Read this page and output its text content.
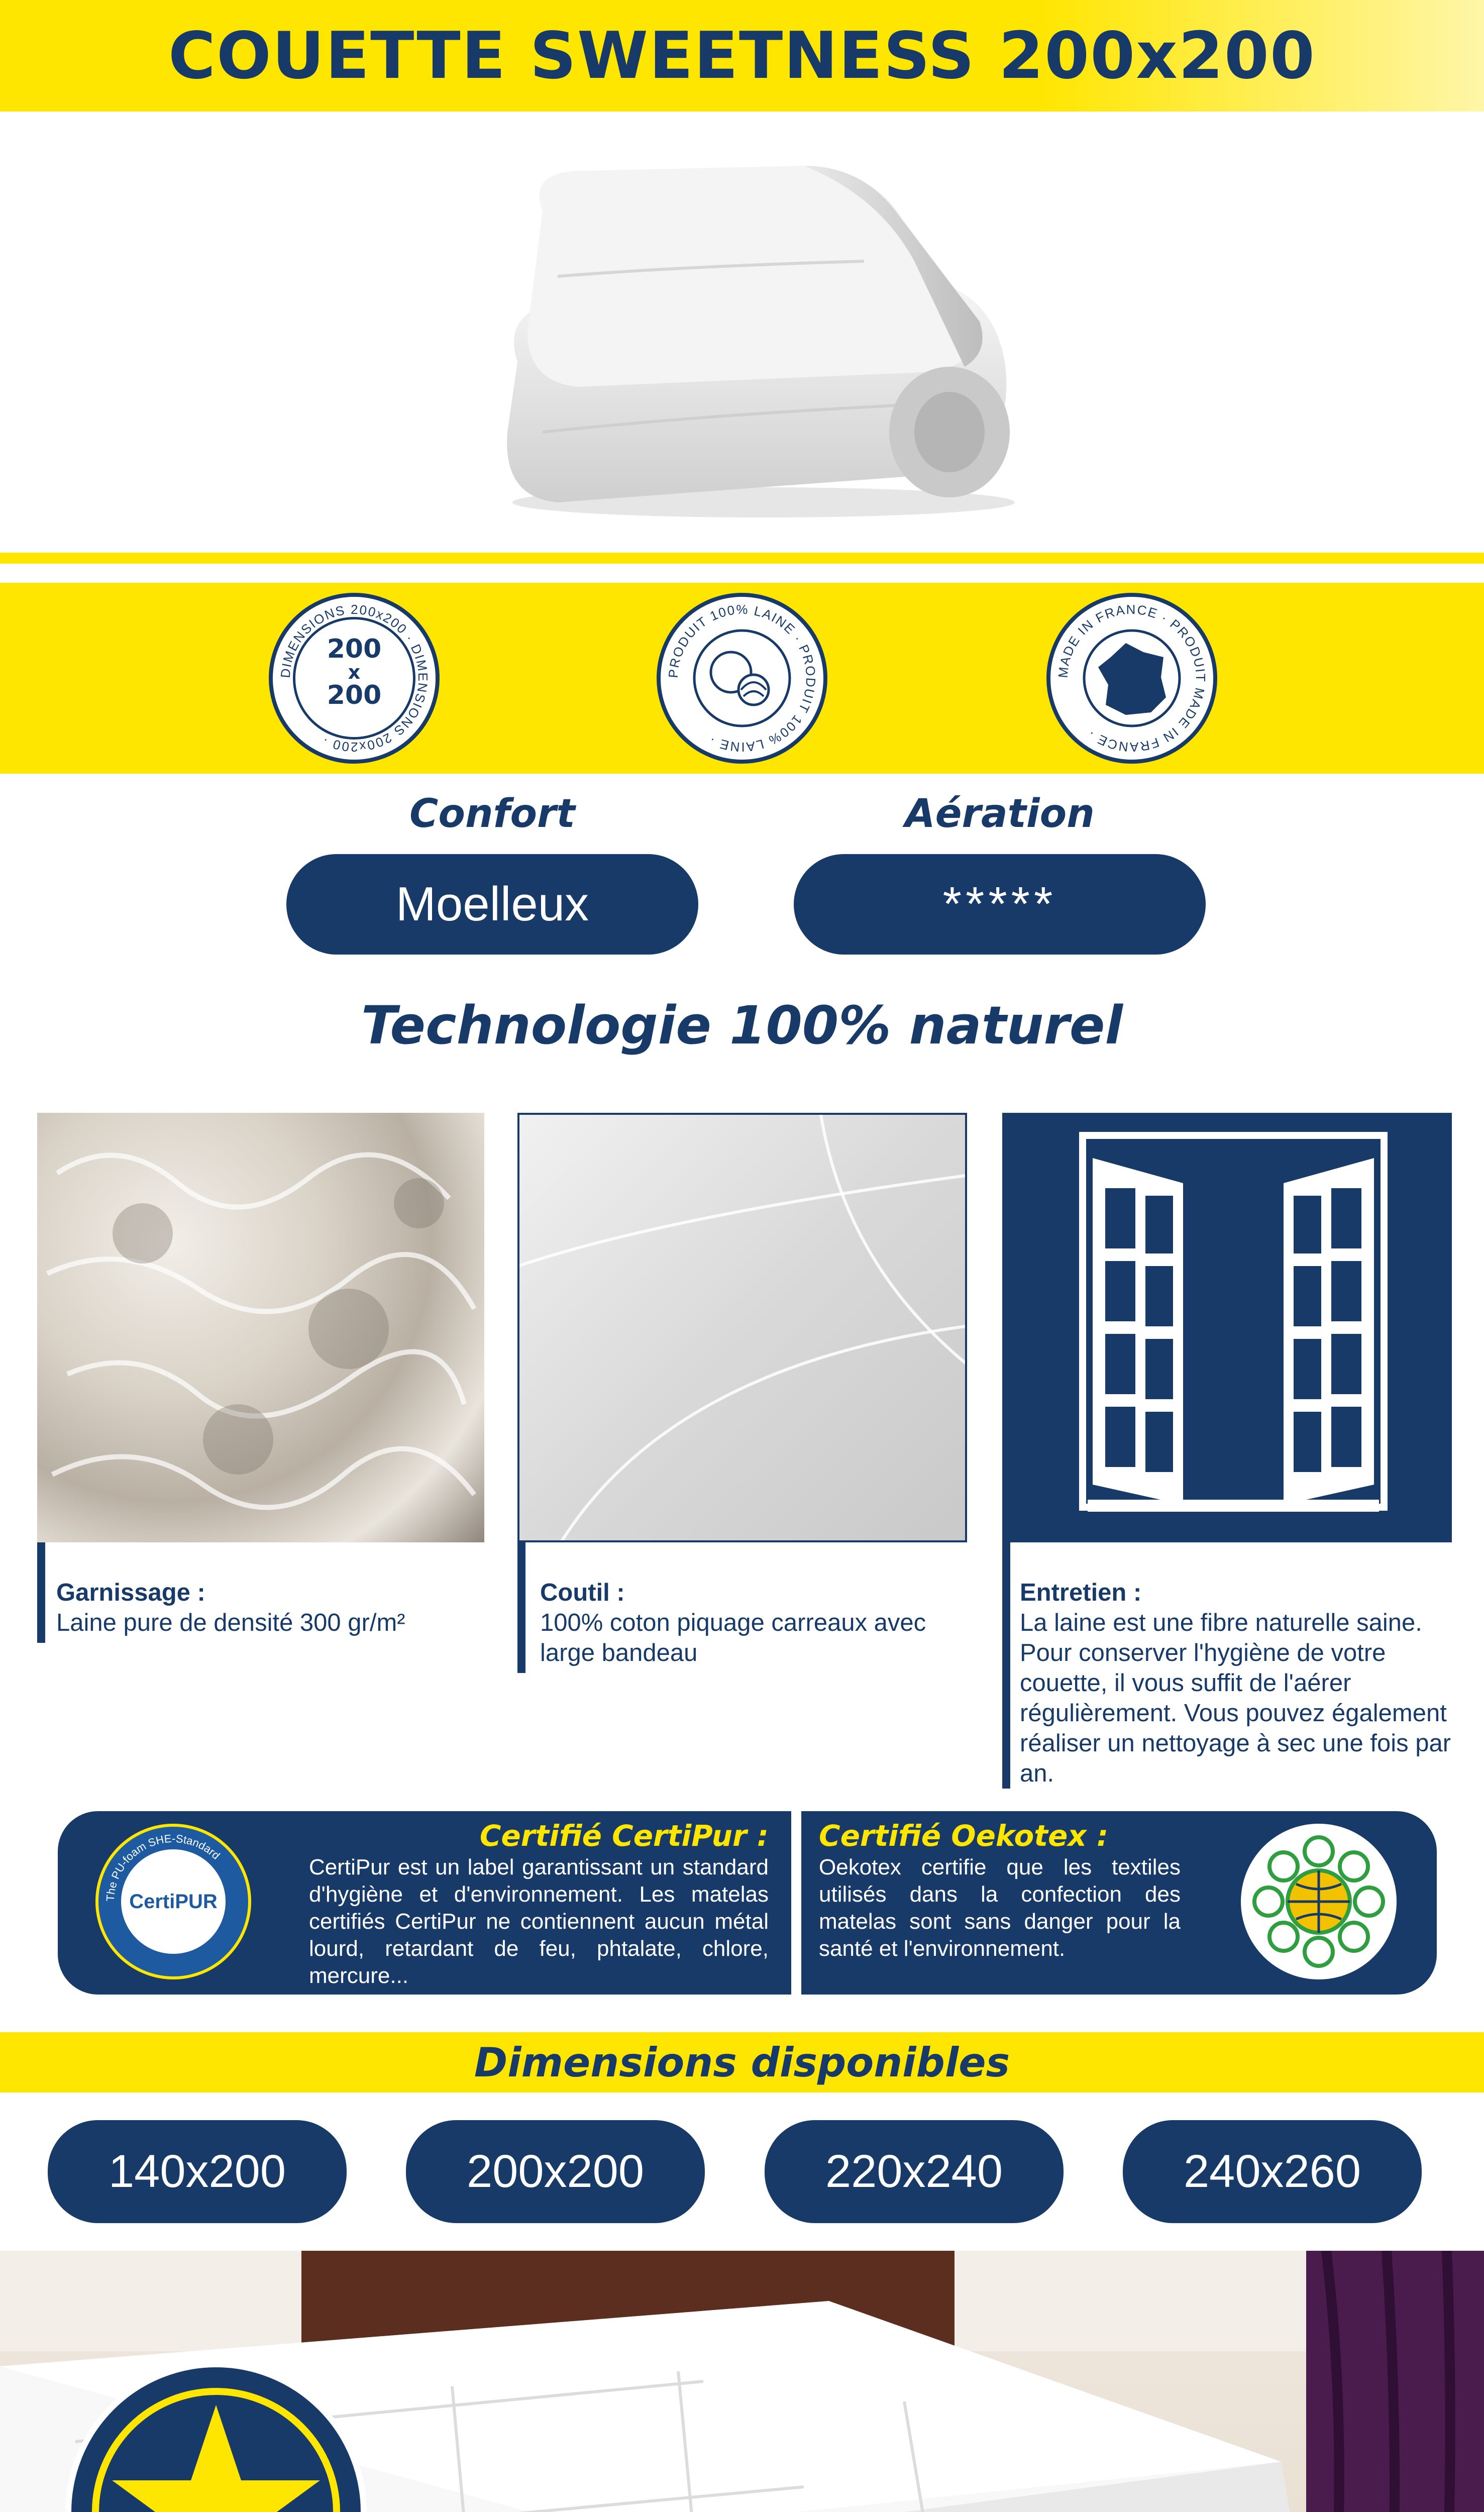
COUETTE SWEETNESS 200x200
DIMENSIONS 200x200 · DIMENSIONS 200x200 ·
200
x
200
PRODUIT 100% LAINE · PRODUIT 100% LAINE ·
MADE IN FRANCE · PRODUIT MADE IN FRANCE ·
Confort	Aération
Moelleux	*****
Technologie 100% naturel
Garnissage :
Laine pure de densité 300 gr/m²
Coutil :
100% coton piquage carreaux avec large bandeau
Entretien :
La laine est une fibre naturelle saine. Pour conserver l'hygiène de votre couette, il vous suffit de l'aérer régulièrement. Vous pouvez également réaliser un nettoyage à sec une fois par an.
The PU-foam SHE-Standard
CertiPUR
Certifié CertiPur :
CertiPur est un label garantissant un standard d'hygiène et d'environnement. Les matelas certifiés CertiPur ne contiennent aucun métal lourd, retardant de feu, phtalate, chlore, mercure...
Certifié Oekotex :
Oekotex certifie que les textiles utilisés dans la confection des matelas sont sans danger pour la santé et l'environnement.
Dimensions disponibles
140x200	200x200	220x240	240x260
